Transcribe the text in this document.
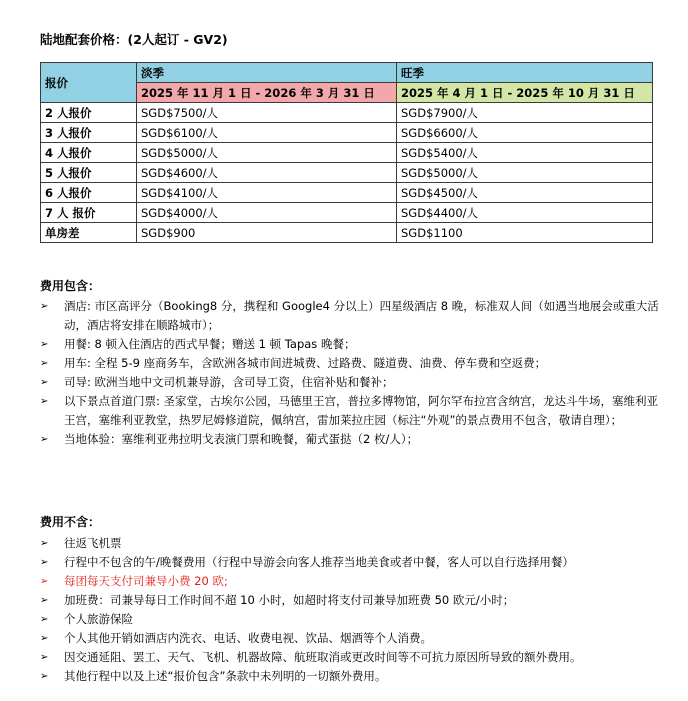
陆地配套价格：(2人起订 - GV2)
报价	淡季	旺季
	2025 年 11 月 1 日 - 2026 年 3 月 31 日	2025 年 4 月 1 日 - 2025 年 10 月 31 日
2 人报价	SGD$7500/人	SGD$7900/人
3 人报价	SGD$6100/人	SGD$6600/人
4 人报价	SGD$5000/人	SGD$5400/人
5 人报价	SGD$4600/人	SGD$5000/人
6 人报价	SGD$4100/人	SGD$4500/人
7 人 报价	SGD$4000/人	SGD$4400/人
单房差	SGD$900	SGD$1100
费用包含：
➢ 酒店: 市区高评分（Booking8 分，携程和 Google4 分以上）四星级酒店 8 晚，标准双人间（如遇当地展会或重大活动，酒店将安排在顺路城市）；
➢ 用餐: 8 顿入住酒店的西式早餐；赠送 1 顿 Tapas 晚餐；
➢ 用车: 全程 5-9 座商务车，含欧洲各城市间进城费、过路费、隧道费、油费、停车费和空返费；
➢ 司导: 欧洲当地中文司机兼导游，含司导工资，住宿补贴和餐补；
➢ 以下景点首道门票: 圣家堂，古埃尔公园，马德里王宫，普拉多博物馆，阿尔罕布拉宫含纳宫，龙达斗牛场，塞维利亚王宫，塞维利亚教堂，热罗尼姆修道院，佩纳宫，雷加莱拉庄园（标注“外观”的景点费用不包含，敬请自理）；
➢ 当地体验：塞维利亚弗拉明戈表演门票和晚餐，葡式蛋挞（2 枚/人）；
费用不含：
➢ 往返飞机票
➢ 行程中不包含的午/晚餐费用（行程中导游会向客人推荐当地美食或者中餐，客人可以自行选择用餐）
➢ 每团每天支付司兼导小费 20 欧;
➢ 加班费：司兼导每日工作时间不超 10 小时，如超时将支付司兼导加班费 50 欧元/小时；
➢ 个人旅游保险
➢ 个人其他开销如酒店内洗衣、电话、收费电视、饮品、烟酒等个人消费。
➢ 因交通延阻、罢工、天气、飞机、机器故障、航班取消或更改时间等不可抗力原因所导致的额外费用。
➢ 其他行程中以及上述“报价包含”条款中未列明的一切额外费用。
